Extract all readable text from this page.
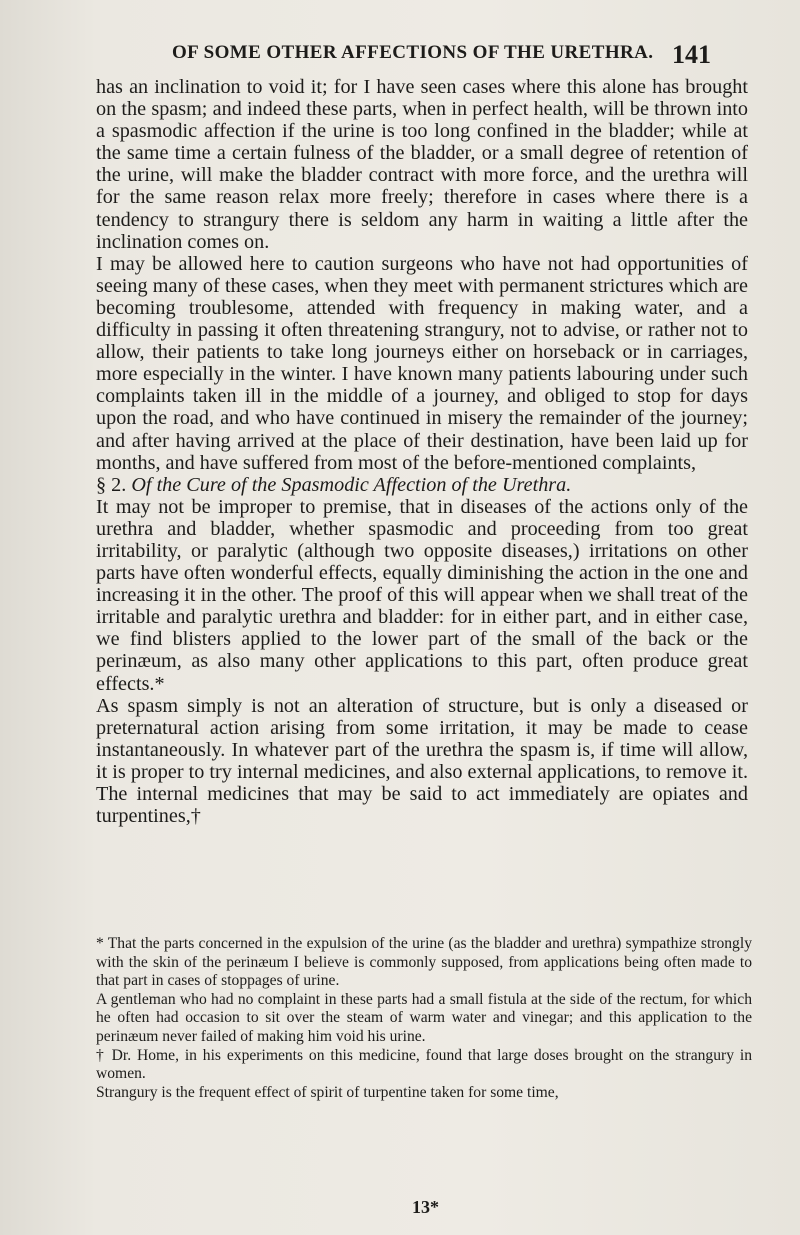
OF SOME OTHER AFFECTIONS OF THE URETHRA. 141

has an inclination to void it; for I have seen cases where this alone has brought on the spasm; and indeed these parts, when in perfect health, will be thrown into a spasmodic affection if the urine is too long confined in the bladder; while at the same time a certain fulness of the bladder, or a small degree of retention of the urine, will make the bladder contract with more force, and the urethra will for the same reason relax more freely; therefore in cases where there is a tendency to strangury there is seldom any harm in waiting a little after the inclination comes on.

I may be allowed here to caution surgeons who have not had opportunities of seeing many of these cases, when they meet with permanent strictures which are becoming troublesome, attended with frequency in making water, and a difficulty in passing it often threatening strangury, not to advise, or rather not to allow, their patients to take long journeys either on horseback or in carriages, more especially in the winter. I have known many patients labouring under such complaints taken ill in the middle of a journey, and obliged to stop for days upon the road, and who have continued in misery the remainder of the journey; and after having arrived at the place of their destination, have been laid up for months, and have suffered from most of the before-mentioned complaints,

§ 2. Of the Cure of the Spasmodic Affection of the Urethra.

It may not be improper to premise, that in diseases of the actions only of the urethra and bladder, whether spasmodic and proceeding from too great irritability, or paralytic (although two opposite diseases,) irritations on other parts have often wonderful effects, equally diminishing the action in the one and increasing it in the other. The proof of this will appear when we shall treat of the irritable and paralytic urethra and bladder: for in either part, and in either case, we find blisters applied to the lower part of the small of the back or the perinæum, as also many other applications to this part, often produce great effects.*

As spasm simply is not an alteration of structure, but is only a diseased or preternatural action arising from some irritation, it may be made to cease instantaneously. In whatever part of the urethra the spasm is, if time will allow, it is proper to try internal medicines, and also external applications, to remove it. The internal medicines that may be said to act immediately are opiates and turpentines,†

* That the parts concerned in the expulsion of the urine (as the bladder and urethra) sympathize strongly with the skin of the perinæum I believe is commonly supposed, from applications being often made to that part in cases of stoppages of urine.

A gentleman who had no complaint in these parts had a small fistula at the side of the rectum, for which he often had occasion to sit over the steam of warm water and vinegar; and this application to the perinæum never failed of making him void his urine.

† Dr. Home, in his experiments on this medicine, found that large doses brought on the strangury in women.

Strangury is the frequent effect of spirit of turpentine taken for some time,

13*
